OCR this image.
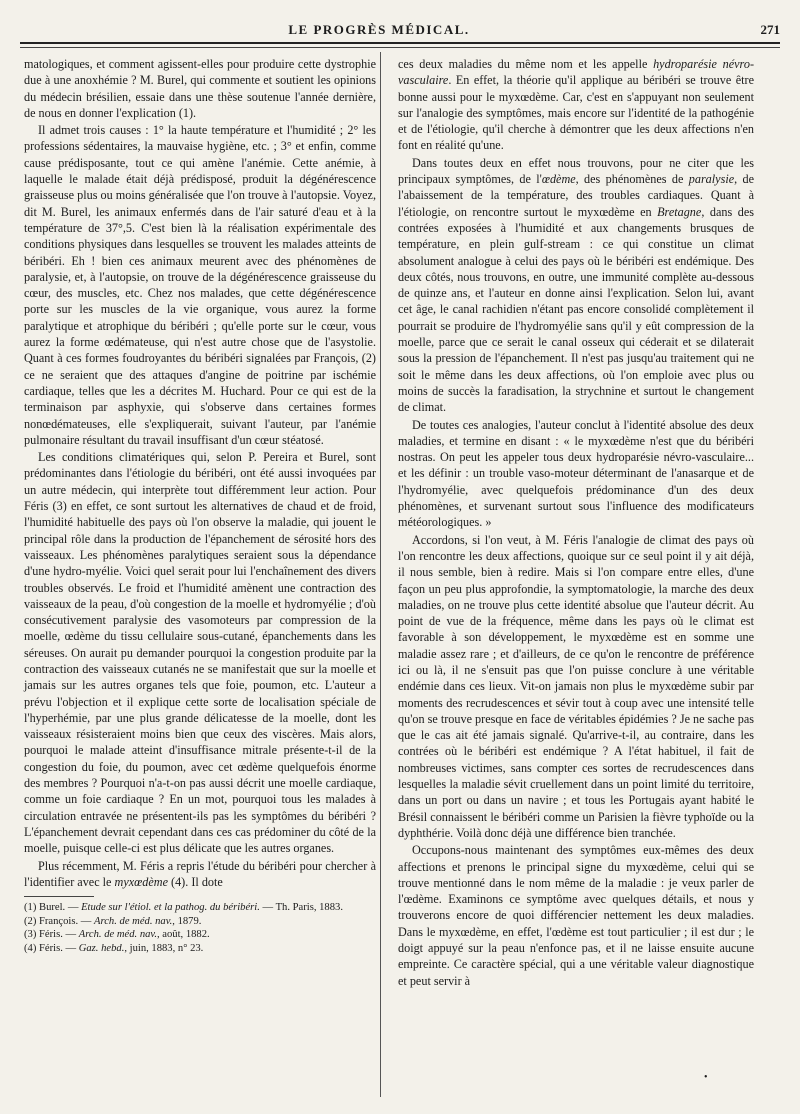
LE PROGRÈS MÉDICAL.	271

matologiques, et comment agissent-elles pour produire cette dystrophie due à une anoxhémie ? M. Burel, qui commente et soutient les opinions du médecin brésilien, essaie dans une thèse soutenue l'année dernière, de nous en donner l'explication (1).

Il admet trois causes : 1° la haute température et l'humidité ; 2° les professions sédentaires, la mauvaise hygiène, etc. ; 3° et enfin, comme cause prédisposante, tout ce qui amène l'anémie. Cette anémie, à laquelle le malade était déjà prédisposé, produit la dégénérescence graisseuse plus ou moins généralisée que l'on trouve à l'autopsie. Voyez, dit M. Burel, les animaux enfermés dans de l'air saturé d'eau et à la température de 37°,5. C'est bien là la réalisation expérimentale des conditions physiques dans lesquelles se trouvent les malades atteints de béribéri. Eh ! bien ces animaux meurent avec des phénomènes de paralysie, et, à l'autopsie, on trouve de la dégénérescence graisseuse du cœur, des muscles, etc. Chez nos malades, que cette dégénérescence porte sur les muscles de la vie organique, vous aurez la forme paralytique et atrophique du béribéri ; qu'elle porte sur le cœur, vous aurez la forme œdémateuse, qui n'est autre chose que de l'asystolie. Quant à ces formes foudroyantes du béribéri signalées par François, (2) ce ne seraient que des attaques d'angine de poitrine par ischémie cardiaque, telles que les a décrites M. Huchard. Pour ce qui est de la terminaison par asphyxie, qui s'observe dans certaines formes nonœdémateuses, elle s'expliquerait, suivant l'auteur, par l'anémie pulmonaire résultant du travail insuffisant d'un cœur stéatosé.

Les conditions climatériques qui, selon P. Pereira et Burel, sont prédominantes dans l'étiologie du béribéri, ont été aussi invoquées par un autre médecin, qui interprète tout différemment leur action. Pour Féris (3) en effet, ce sont surtout les alternatives de chaud et de froid, l'humidité habituelle des pays où l'on observe la maladie, qui jouent le principal rôle dans la production de l'épanchement de sérosité hors des vaisseaux. Les phénomènes paralytiques seraient sous la dépendance d'une hydro-myélie. Voici quel serait pour lui l'enchaînement des divers troubles observés. Le froid et l'humidité amènent une contraction des vaisseaux de la peau, d'où congestion de la moelle et hydromyélie ; d'où consécutivement paralysie des vasomoteurs par compression de la moelle, œdème du tissu cellulaire sous-cutané, épanchements dans les séreuses. On aurait pu demander pourquoi la congestion produite par la contraction des vaisseaux cutanés ne se manifestait que sur la moelle et jamais sur les autres organes tels que foie, poumon, etc. L'auteur a prévu l'objection et il explique cette sorte de localisation spéciale de l'hyperhémie, par une plus grande délicatesse de la moelle, dont les vaisseaux résisteraient moins bien que ceux des viscères. Mais alors, pourquoi le malade atteint d'insuffisance mitrale présente-t-il de la congestion du foie, du poumon, avec cet œdème quelquefois énorme des membres ? Pourquoi n'a-t-on pas aussi décrit une moelle cardiaque, comme un foie cardiaque ? En un mot, pourquoi tous les malades à circulation entravée ne présentent-ils pas les symptômes du béribéri ? L'épanchement devrait cependant dans ces cas prédominer du côté de la moelle, puisque celle-ci est plus délicate que les autres organes.

Plus récemment, M. Féris a repris l'étude du béribéri pour chercher à l'identifier avec le myxœdème (4). Il dote

(1) Burel. — Etude sur l'étiol. et la pathog. du béribéri. — Th. Paris, 1883.
(2) François. — Arch. de méd. nav., 1879.
(3) Féris. — Arch. de méd. nav., août, 1882.
(4) Féris. — Gaz. hebd., juin, 1883, n° 23.

ces deux maladies du même nom et les appelle hydroparésie névro-vasculaire. En effet, la théorie qu'il applique au béribéri se trouve être bonne aussi pour le myxœdème. Car, c'est en s'appuyant non seulement sur l'analogie des symptômes, mais encore sur l'identité de la pathogénie et de l'étiologie, qu'il cherche à démontrer que les deux affections n'en font en réalité qu'une.

Dans toutes deux en effet nous trouvons, pour ne citer que les principaux symptômes, de l'œdème, des phénomènes de paralysie, de l'abaissement de la température, des troubles cardiaques. Quant à l'étiologie, on rencontre surtout le myxœdème en Bretagne, dans des contrées exposées à l'humidité et aux changements brusques de température, en plein gulf-stream : ce qui constitue un climat absolument analogue à celui des pays où le béribéri est endémique. Des deux côtés, nous trouvons, en outre, une immunité complète au-dessous de quinze ans, et l'auteur en donne ainsi l'explication. Selon lui, avant cet âge, le canal rachidien n'étant pas encore consolidé complètement il pourrait se produire de l'hydromyélie sans qu'il y eût compression de la moelle, parce que ce serait le canal osseux qui céderait et se dilaterait sous la pression de l'épanchement. Il n'est pas jusqu'au traitement qui ne soit le même dans les deux affections, où l'on emploie avec plus ou moins de succès la faradisation, la strychnine et surtout le changement de climat.

De toutes ces analogies, l'auteur conclut à l'identité absolue des deux maladies, et termine en disant : « le myxœdème n'est que du béribéri nostras. On peut les appeler tous deux hydroparésie névro-vasculaire... et les définir : un trouble vaso-moteur déterminant de l'anasarque et de l'hydromyélie, avec quelquefois prédominance d'un des deux phénomènes, et survenant surtout sous l'influence des modificateurs météorologiques. »

Accordons, si l'on veut, à M. Féris l'analogie de climat des pays où l'on rencontre les deux affections, quoique sur ce seul point il y ait déjà, il nous semble, bien à redire. Mais si l'on compare entre elles, d'une façon un peu plus approfondie, la symptomatologie, la marche des deux maladies, on ne trouve plus cette identité absolue que l'auteur décrit. Au point de vue de la fréquence, même dans les pays où le climat est favorable à son développement, le myxœdème est en somme une maladie assez rare ; et d'ailleurs, de ce qu'on le rencontre de préférence ici ou là, il ne s'ensuit pas que l'on puisse conclure à une véritable endémie dans ces lieux. Vit-on jamais non plus le myxœdème subir par moments des recrudescences et sévir tout à coup avec une intensité telle qu'on se trouve presque en face de véritables épidémies ? Je ne sache pas que le cas ait été jamais signalé. Qu'arrive-t-il, au contraire, dans les contrées où le béribéri est endémique ? A l'état habituel, il fait de nombreuses victimes, sans compter ces sortes de recrudescences dans lesquelles la maladie sévit cruellement dans un point limité du territoire, dans un port ou dans un navire ; et tous les Portugais ayant habité le Brésil connaissent le béribéri comme un Parisien la fièvre typhoïde ou la dyphthérie. Voilà donc déjà une différence bien tranchée.

Occupons-nous maintenant des symptômes eux-mêmes des deux affections et prenons le principal signe du myxœdème, celui qui se trouve mentionné dans le nom même de la maladie : je veux parler de l'œdème. Examinons ce symptôme avec quelques détails, et nous y trouverons encore de quoi différencier nettement les deux maladies. Dans le myxœdème, en effet, l'œdème est tout particulier ; il est dur ; le doigt appuyé sur la peau n'enfonce pas, et il ne laisse ensuite aucune empreinte. Ce caractère spécial, qui a une véritable valeur diagnostique et peut servir à

•
